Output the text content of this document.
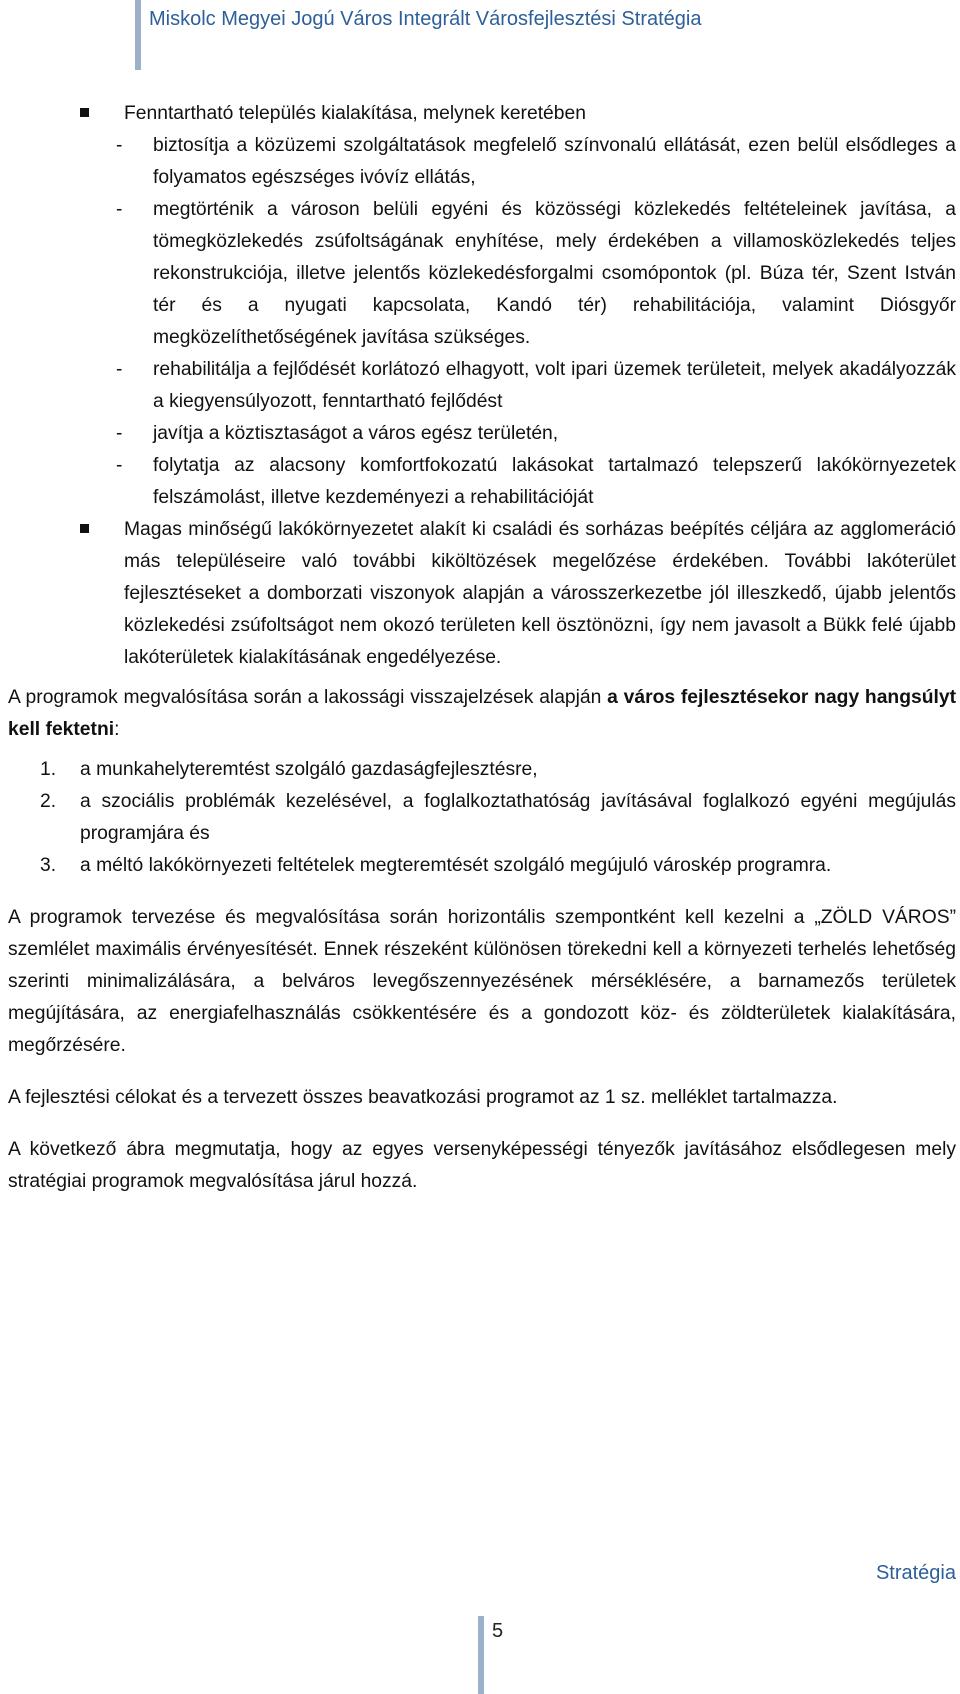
Miskolc Megyei Jogú Város Integrált Városfejlesztési Stratégia
Fenntartható település kialakítása, melynek keretében
- biztosítja a közüzemi szolgáltatások megfelelő színvonalú ellátását, ezen belül elsődleges a folyamatos egészséges ivóvíz ellátás,
- megtörténik a városon belüli egyéni és közösségi közlekedés feltételeinek javítása, a tömegközlekedés zsúfoltságának enyhítése, mely érdekében a villamosközlekedés teljes rekonstrukciója, illetve jelentős közlekedésforgalmi csomópontok (pl. Búza tér, Szent István tér és a nyugati kapcsolata, Kandó tér) rehabilitációja, valamint Diósgyőr megközelíthetőségének javítása szükséges.
- rehabilitálja a fejlődését korlátozó elhagyott, volt ipari üzemek területeit, melyek akadályozzák a kiegyensúlyozott, fenntartható fejlődést
- javítja a köztisztaságot a város egész területén,
- folytatja az alacsony komfortfokozatú lakásokat tartalmazó telepszerű lakókörnyezetek felszámolást, illetve kezdeményezi a rehabilitációját
Magas minőségű lakókörnyezetet alakít ki családi és sorházas beépítés céljára az agglomeráció más településeire való további kiköltözések megelőzése érdekében. További lakóterület fejlesztéseket a domborzati viszonyok alapján a városszerkezetbe jól illeszkedő, újabb jelentős közlekedési zsúfoltságot nem okozó területen kell ösztönözni, így nem javasolt a Bükk felé újabb lakóterületek kialakításának engedélyezése.
A programok megvalósítása során a lakossági visszajelzések alapján a város fejlesztésekor nagy hangsúlyt kell fektetni:
1. a munkahelyteremtést szolgáló gazdaságfejlesztésre,
2. a szociális problémák kezelésével, a foglalkoztathatóság javításával foglalkozó egyéni megújulás programjára és
3. a méltó lakókörnyezeti feltételek megteremtését szolgáló megújuló városkép programra.
A programok tervezése és megvalósítása során horizontális szempontként kell kezelni a „ZÖLD VÁROS” szemlélet maximális érvényesítését. Ennek részeként különösen törekedni kell a környezeti terhelés lehetőség szerinti minimalizálására, a belváros levegőszennyezésének mérséklésére, a barnamezős területek megújítására, az energiafelhasználás csökkentésére és a gondozott köz- és zöldterületek kialakítására, megőrzésére.
A fejlesztési célokat és a tervezett összes beavatkozási programot az 1 sz. melléklet tartalmazza.
A következő ábra megmutatja, hogy az egyes versenyképességi tényezők javításához elsődlegesen mely stratégiai programok megvalósítása járul hozzá.
Stratégia
5
